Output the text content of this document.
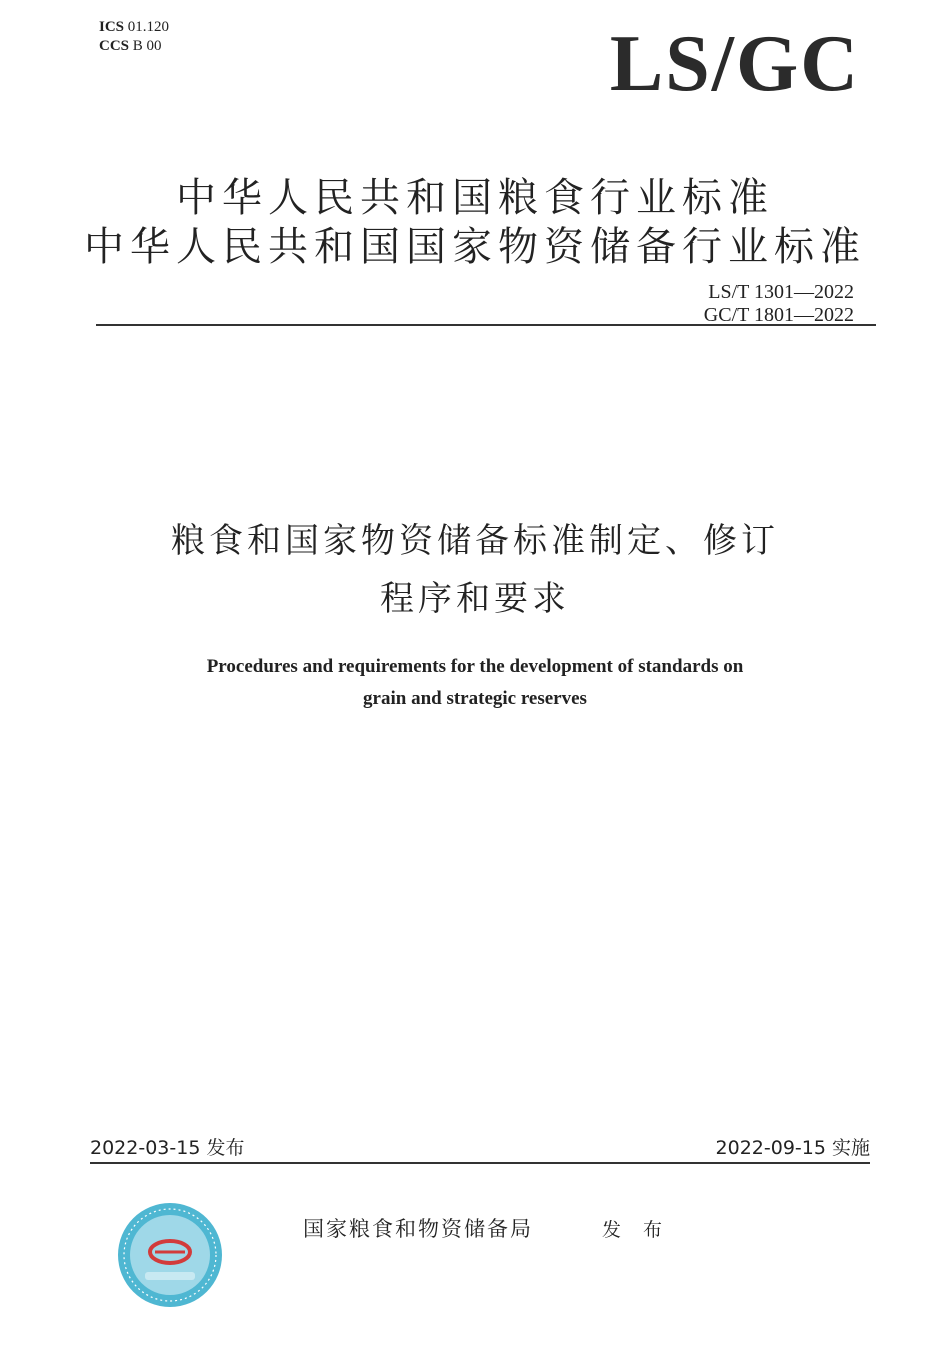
ICS 01.120
CCS B 00	LS/GC
中华人民共和国粮食行业标准
中华人民共和国国家物资储备行业标准
LS/T 1301—2022
GC/T 1801—2022
粮食和国家物资储备标准制定、修订
程序和要求
Procedures and requirements for the development of standards on
grain and strategic reserves
2022-03-15 发布	2022-09-15 实施
国家粮食和物资储备局	发 布
